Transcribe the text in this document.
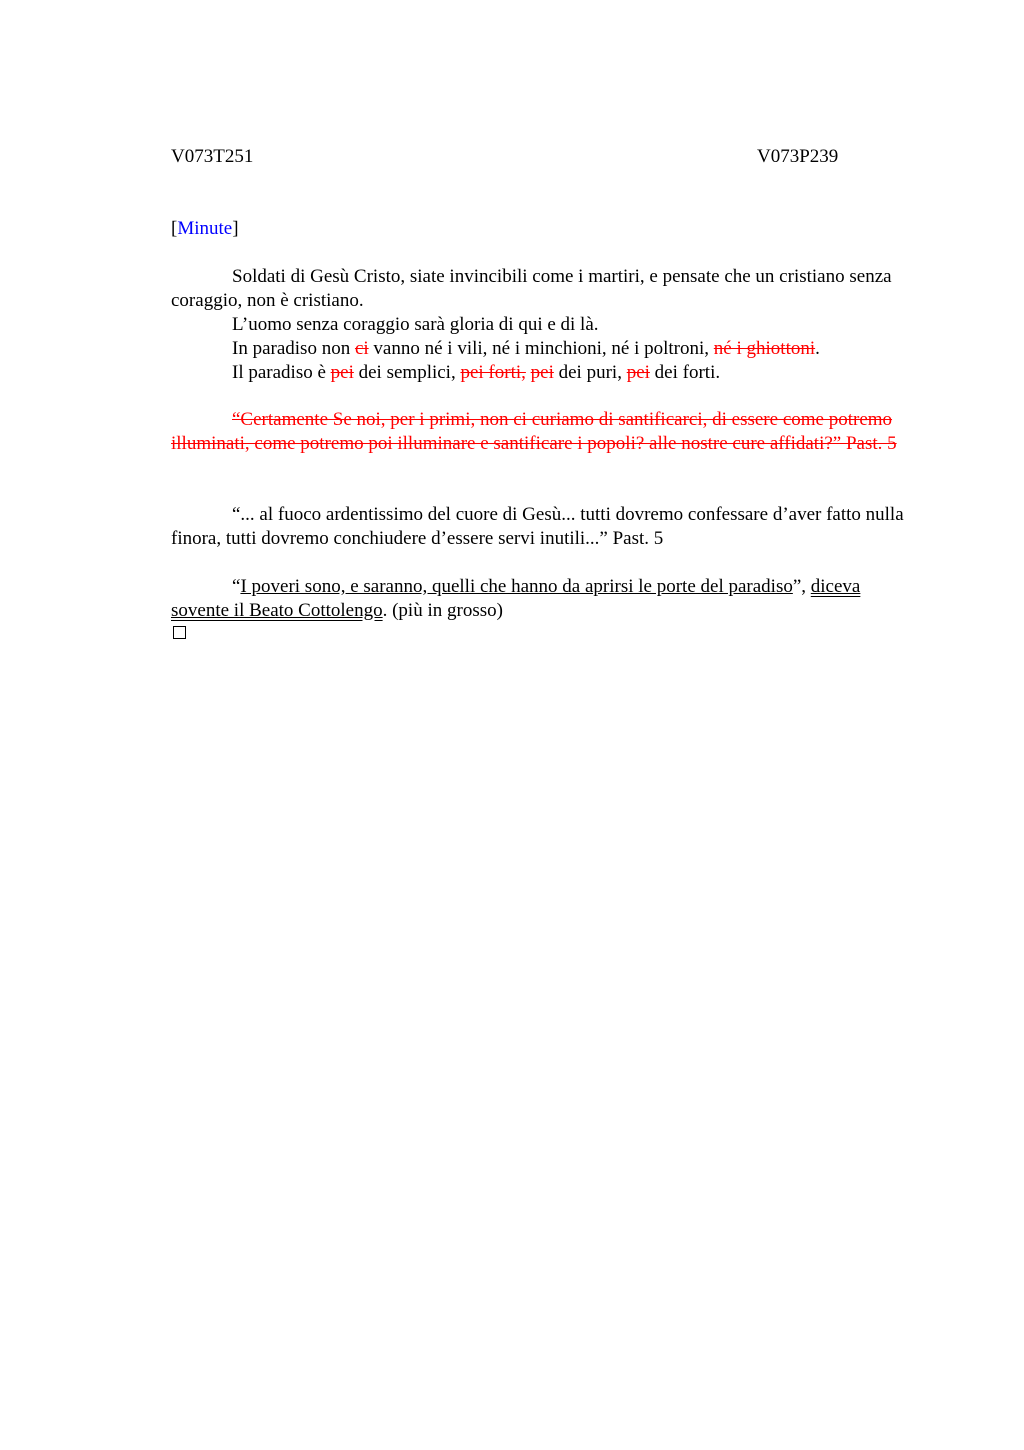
V073T251	V073P239
[Minute]

Soldati di Gesù Cristo, siate invincibili come i martiri, e pensate che un cristiano senza coraggio, non è cristiano.

L’uomo senza coraggio sarà gloria di qui e di là.

In paradiso non ci vanno né i vili, né i minchioni, né i poltroni, né i ghiottoni.

Il paradiso è pei dei semplici, pei forti, pei dei puri, pei dei forti.

“Certamente Se noi, per i primi, non ci curiamo di santificarci, di essere come potremo illuminati, come potremo poi illuminare e santificare i popoli? alle nostre cure affidati?” Past. 5

“... al fuoco ardentissimo del cuore di Gesù... tutti dovremo confessare d’aver fatto nulla finora, tutti dovremo conchiudere d’essere servi inutili...” Past. 5

“I poveri sono, e saranno, quelli che hanno da aprirsi le porte del paradiso”, diceva sovente il Beato Cottolengo. (più in grosso)
